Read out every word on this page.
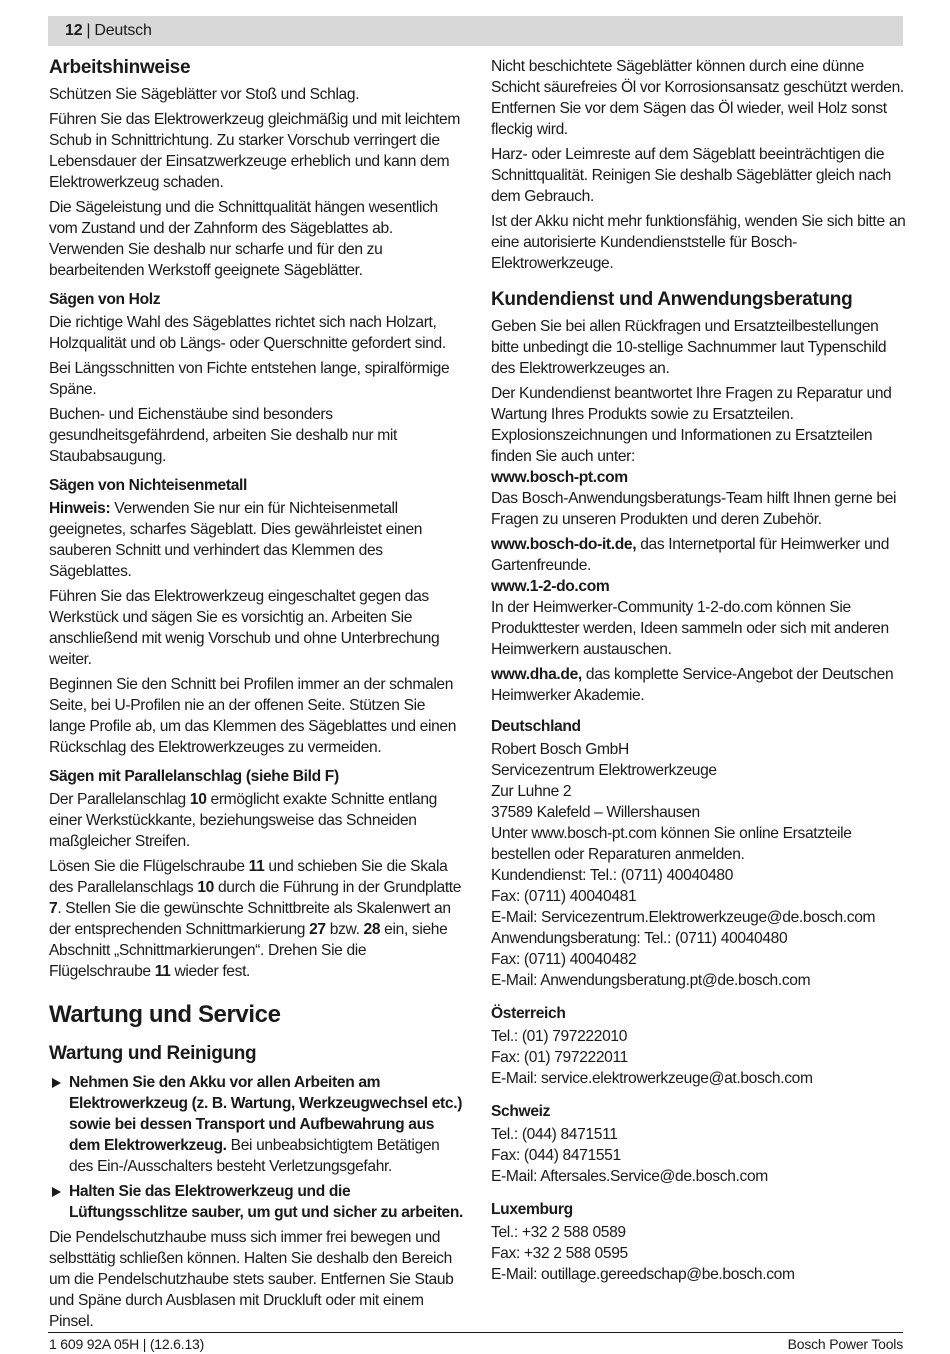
12 | Deutsch
Arbeitshinweise

Schützen Sie Sägeblätter vor Stoß und Schlag.

Führen Sie das Elektrowerkzeug gleichmäßig und mit leichtem Schub in Schnittrichtung. Zu starker Vorschub verringert die Lebensdauer der Einsatzwerkzeuge erheblich und kann dem Elektrowerkzeug schaden.

Die Sägeleistung und die Schnittqualität hängen wesentlich vom Zustand und der Zahnform des Sägeblattes ab. Verwenden Sie deshalb nur scharfe und für den zu bearbeitenden Werkstoff geeignete Sägeblätter.

Sägen von Holz

Die richtige Wahl des Sägeblattes richtet sich nach Holzart, Holzqualität und ob Längs- oder Querschnitte gefordert sind.

Bei Längsschnitten von Fichte entstehen lange, spiralförmige Späne.

Buchen- und Eichenstäube sind besonders gesundheitsgefährdend, arbeiten Sie deshalb nur mit Staubabsaugung.

Sägen von Nichteisenmetall

Hinweis: Verwenden Sie nur ein für Nichteisenmetall geeignetes, scharfes Sägeblatt. Dies gewährleistet einen sauberen Schnitt und verhindert das Klemmen des Sägeblattes.

Führen Sie das Elektrowerkzeug eingeschaltet gegen das Werkstück und sägen Sie es vorsichtig an. Arbeiten Sie anschließend mit wenig Vorschub und ohne Unterbrechung weiter.

Beginnen Sie den Schnitt bei Profilen immer an der schmalen Seite, bei U-Profilen nie an der offenen Seite. Stützen Sie lange Profile ab, um das Klemmen des Sägeblattes und einen Rückschlag des Elektrowerkzeuges zu vermeiden.

Sägen mit Parallelanschlag (siehe Bild F)

Der Parallelanschlag 10 ermöglicht exakte Schnitte entlang einer Werkstückkante, beziehungsweise das Schneiden maßgleicher Streifen.

Lösen Sie die Flügelschraube 11 und schieben Sie die Skala des Parallelanschlags 10 durch die Führung in der Grundplatte 7. Stellen Sie die gewünschte Schnittbreite als Skalenwert an der entsprechenden Schnittmarkierung 27 bzw. 28 ein, siehe Abschnitt „Schnittmarkierungen“. Drehen Sie die Flügelschraube 11 wieder fest.

Wartung und Service
Wartung und Reinigung
Nehmen Sie den Akku vor allen Arbeiten am Elektrowerkzeug (z. B. Wartung, Werkzeugwechsel etc.) sowie bei dessen Transport und Aufbewahrung aus dem Elektrowerkzeug. Bei unbeabsichtigtem Betätigen des Ein-/Ausschalters besteht Verletzungsgefahr.
Halten Sie das Elektrowerkzeug und die Lüftungsschlitze sauber, um gut und sicher zu arbeiten.

Die Pendelschutzhaube muss sich immer frei bewegen und selbsttätig schließen können. Halten Sie deshalb den Bereich um die Pendelschutzhaube stets sauber. Entfernen Sie Staub und Späne durch Ausblasen mit Druckluft oder mit einem Pinsel.

Nicht beschichtete Sägeblätter können durch eine dünne Schicht säurefreies Öl vor Korrosionsansatz geschützt werden. Entfernen Sie vor dem Sägen das Öl wieder, weil Holz sonst fleckig wird.

Harz- oder Leimreste auf dem Sägeblatt beeinträchtigen die Schnittqualität. Reinigen Sie deshalb Sägeblätter gleich nach dem Gebrauch.

Ist der Akku nicht mehr funktionsfähig, wenden Sie sich bitte an eine autorisierte Kundendienststelle für Bosch-Elektrowerkzeuge.

Kundendienst und Anwendungsberatung

Geben Sie bei allen Rückfragen und Ersatzteilbestellungen bitte unbedingt die 10-stellige Sachnummer laut Typenschild des Elektrowerkzeuges an.

Der Kundendienst beantwortet Ihre Fragen zu Reparatur und Wartung Ihres Produkts sowie zu Ersatzteilen. Explosionszeichnungen und Informationen zu Ersatzteilen finden Sie auch unter:

www.bosch-pt.com

Das Bosch-Anwendungsberatungs-Team hilft Ihnen gerne bei Fragen zu unseren Produkten und deren Zubehör.

www.bosch-do-it.de, das Internetportal für Heimwerker und Gartenfreunde.

www.1-2-do.com

In der Heimwerker-Community 1-2-do.com können Sie Produkttester werden, Ideen sammeln oder sich mit anderen Heimwerkern austauschen.

www.dha.de, das komplette Service-Angebot der Deutschen Heimwerker Akademie.

Deutschland
Robert Bosch GmbH
Servicezentrum Elektrowerkzeuge
Zur Luhne 2
37589 Kalefeld – Willershausen
Unter www.bosch-pt.com können Sie online Ersatzteile bestellen oder Reparaturen anmelden.
Kundendienst: Tel.: (0711) 40040480
Fax: (0711) 40040481
E-Mail: Servicezentrum.Elektrowerkzeuge@de.bosch.com
Anwendungsberatung: Tel.: (0711) 40040480
Fax: (0711) 40040482
E-Mail: Anwendungsberatung.pt@de.bosch.com
Österreich
Tel.: (01) 797222010
Fax: (01) 797222011
E-Mail: service.elektrowerkzeuge@at.bosch.com
Schweiz
Tel.: (044) 8471511
Fax: (044) 8471551
E-Mail: Aftersales.Service@de.bosch.com
Luxemburg
Tel.: +32 2 588 0589
Fax: +32 2 588 0595
E-Mail: outillage.gereedschap@be.bosch.com
1 609 92A 05H | (12.6.13)	Bosch Power Tools
